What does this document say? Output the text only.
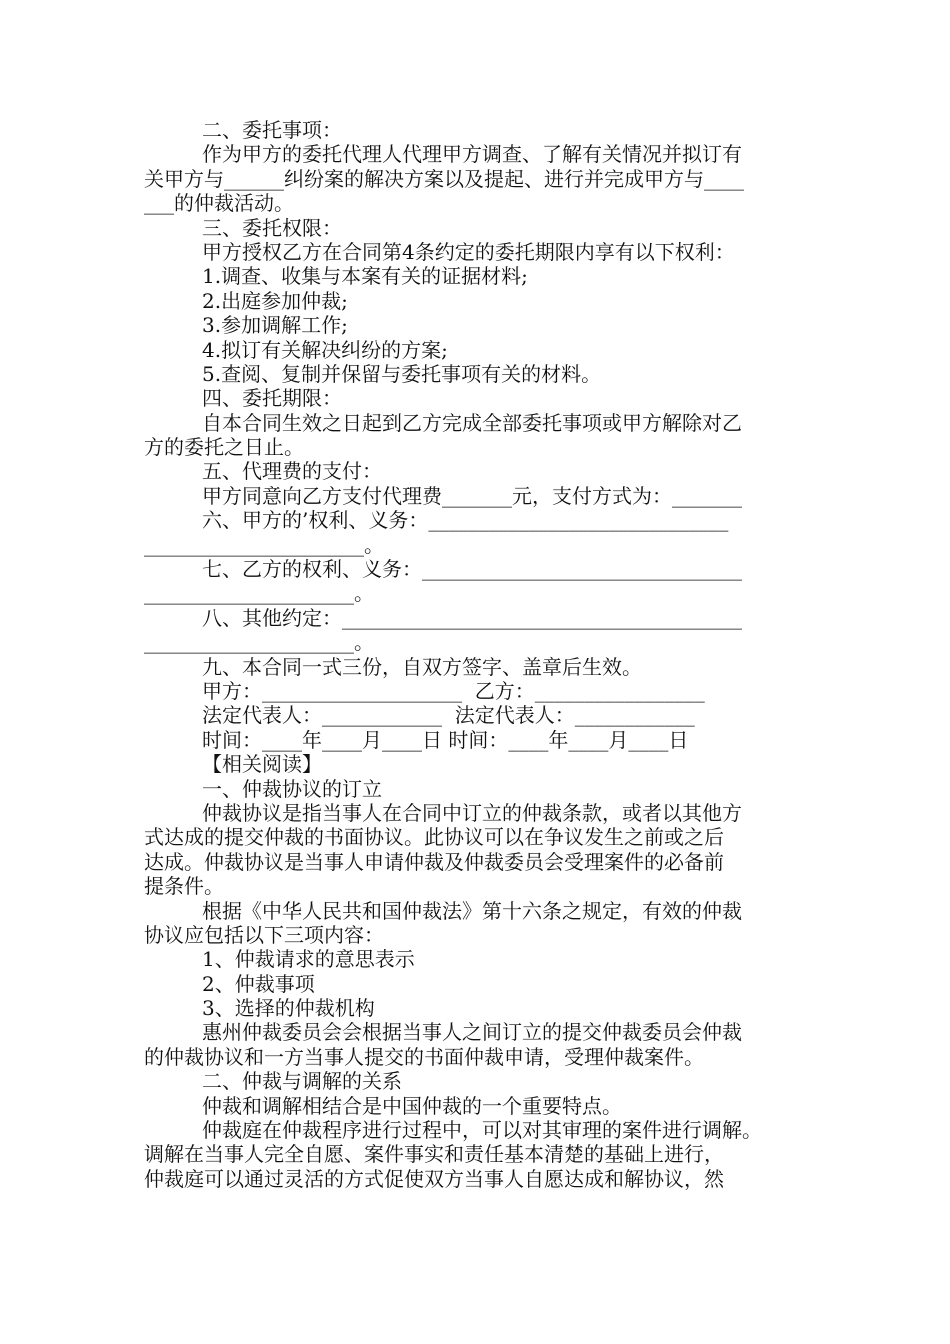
二、委托事项：
作为甲方的委托代理人代理甲方调查、了解有关情况并拟订有
关甲方与______纠纷案的解决方案以及提起、进行并完成甲方与____
___的仲裁活动。
三、委托权限：
甲方授权乙方在合同第4条约定的委托期限内享有以下权利：
1.调查、收集与本案有关的证据材料;
2.出庭参加仲裁;
3.参加调解工作;
4.拟订有关解决纠纷的方案;
5.查阅、复制并保留与委托事项有关的材料。
四、委托期限：
自本合同生效之日起到乙方完成全部委托事项或甲方解除对乙
方的委托之日止。
五、代理费的支付：
甲方同意向乙方支付代理费_______元，支付方式为：_______
六、甲方的’权利、义务：______________________________
______________________。
七、乙方的权利、义务：________________________________
_____________________。
八、其他约定：________________________________________
_____________________。
九、本合同一式三份，自双方签字、盖章后生效。
甲方：____________________  乙方：_________________
法定代表人：____________  法定代表人：____________
时间：____年____月____日 时间：____年____月____日
【相关阅读】
一、仲裁协议的订立
仲裁协议是指当事人在合同中订立的仲裁条款，或者以其他方
式达成的提交仲裁的书面协议。此协议可以在争议发生之前或之后
达成。仲裁协议是当事人申请仲裁及仲裁委员会受理案件的必备前
提条件。
根据《中华人民共和国仲裁法》第十六条之规定，有效的仲裁
协议应包括以下三项内容：
1、仲裁请求的意思表示
2、仲裁事项
3、选择的仲裁机构
惠州仲裁委员会会根据当事人之间订立的提交仲裁委员会仲裁
的仲裁协议和一方当事人提交的书面仲裁申请，受理仲裁案件。
二、仲裁与调解的关系
仲裁和调解相结合是中国仲裁的一个重要特点。
仲裁庭在仲裁程序进行过程中，可以对其审理的案件进行调解。
调解在当事人完全自愿、案件事实和责任基本清楚的基础上进行，
仲裁庭可以通过灵活的方式促使双方当事人自愿达成和解协议，然
